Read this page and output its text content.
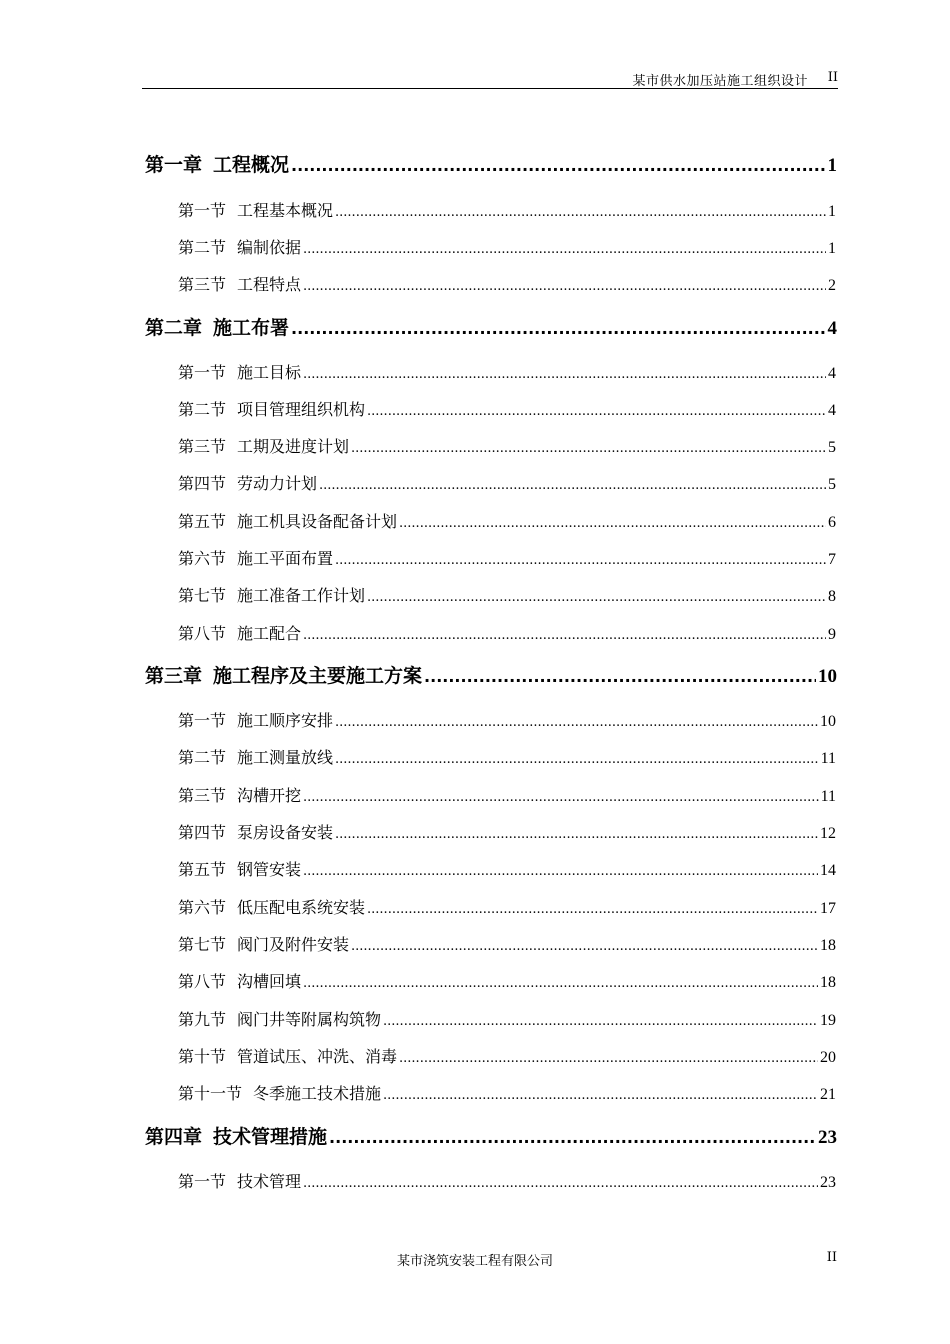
某市供水加压站施工组织设计 II
第一章 工程概况 .....	1
第一节 工程基本概况 .....	1
第二节 编制依据 .....	1
第三节 工程特点 .....	2
第二章 施工布署 .....	4
第一节 施工目标 .....	4
第二节 项目管理组织机构 .....	4
第三节 工期及进度计划 .....	5
第四节 劳动力计划 .....	5
第五节 施工机具设备配备计划 .....	6
第六节 施工平面布置 .....	7
第七节 施工准备工作计划 .....	8
第八节 施工配合 .....	9
第三章 施工程序及主要施工方案 .....	10
第一节 施工顺序安排 .....	10
第二节 施工测量放线 .....	11
第三节 沟槽开挖 .....	11
第四节 泵房设备安装 .....	12
第五节 钢管安装 .....	14
第六节 低压配电系统安装 .....	17
第七节 阀门及附件安装 .....	18
第八节 沟槽回填 .....	18
第九节 阀门井等附属构筑物 .....	19
第十节 管道试压、冲洗、消毒 .....	20
第十一节 冬季施工技术措施 .....	21
第四章 技术管理措施 .....	23
第一节 技术管理 .....	23
某市浇筑安装工程有限公司	II
